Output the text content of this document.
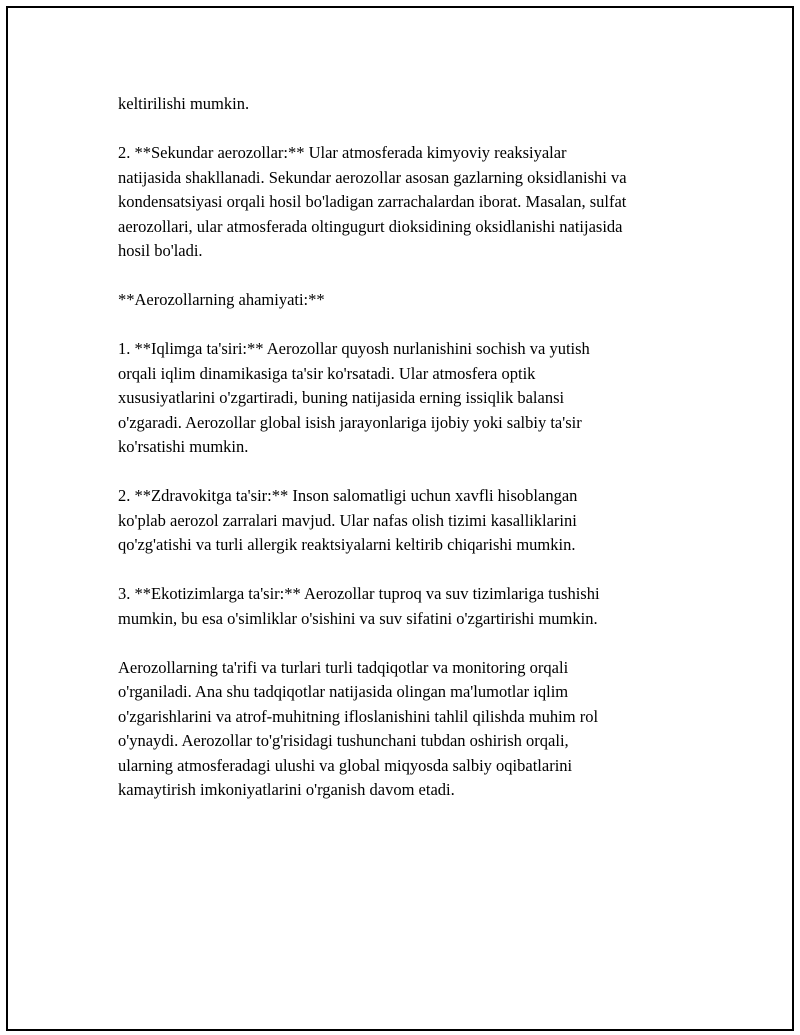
keltirilishi mumkin.

2. **Sekundar aerozollar:** Ular atmosferada kimyoviy reaksiyalar
natijasida shakllanadi. Sekundar aerozollar asosan gazlarning oksidlanishi va
kondensatsiyasi orqali hosil bo'ladigan zarrachalardan iborat. Masalan, sulfat
aerozollari, ular atmosferada oltingugurt dioksidining oksidlanishi natijasida
hosil bo'ladi.

**Aerozollarning ahamiyati:**

1. **Iqlimga ta'siri:** Aerozollar quyosh nurlanishini sochish va yutish
orqali iqlim dinamikasiga ta'sir ko'rsatadi. Ular atmosfera optik
xususiyatlarini o'zgartiradi, buning natijasida erning issiqlik balansi
o'zgaradi. Aerozollar global isish jarayonlariga ijobiy yoki salbiy ta'sir
ko'rsatishi mumkin.

2. **Zdravokitga ta'sir:** Inson salomatligi uchun xavfli hisoblangan
ko'plab aerozol zarralari mavjud. Ular nafas olish tizimi kasalliklarini
qo'zg'atishi va turli allergik reaktsiyalarni keltirib chiqarishi mumkin.

3. **Ekotizimlarga ta'sir:** Aerozollar tuproq va suv tizimlariga tushishi
mumkin, bu esa o'simliklar o'sishini va suv sifatini o'zgartirishi mumkin.

Aerozollarning ta'rifi va turlari turli tadqiqotlar va monitoring orqali
o'rganiladi. Ana shu tadqiqotlar natijasida olingan ma'lumotlar iqlim
o'zgarishlarini va atrof-muhitning ifloslanishini tahlil qilishda muhim rol
o'ynaydi. Aerozollar to'g'risidagi tushunchani tubdan oshirish orqali,
ularning atmosferadagi ulushi va global miqyosda salbiy oqibatlarini
kamaytirish imkoniyatlarini o'rganish davom etadi.
